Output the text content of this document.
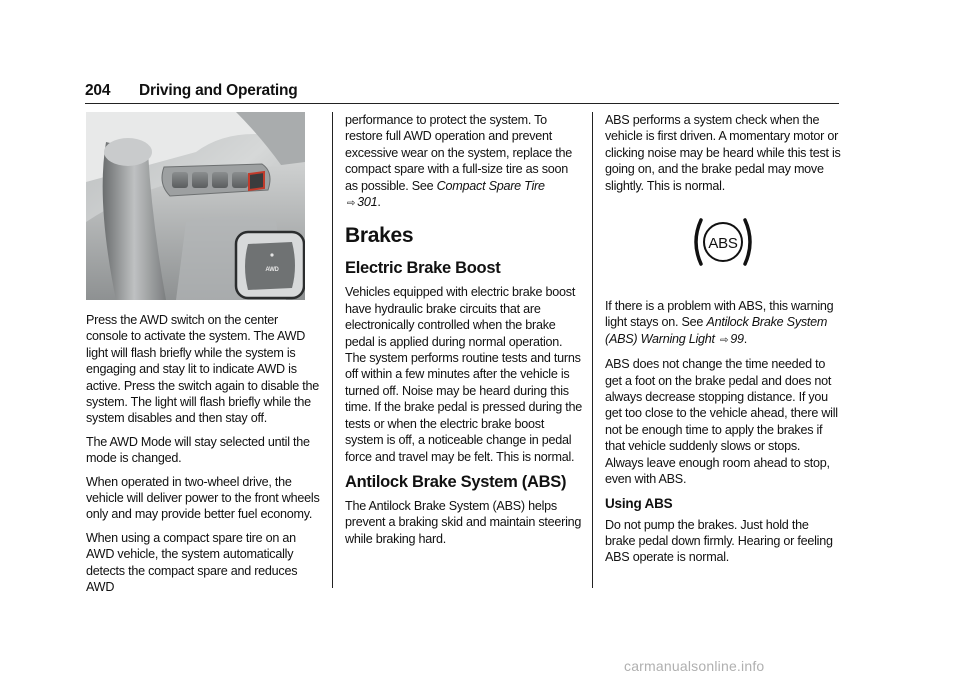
204 Driving and Operating
AWD

Press the AWD switch on the center console to activate the system. The AWD light will flash briefly while the system is engaging and stay lit to indicate AWD is active. Press the switch again to disable the system. The light will flash briefly while the system disables and then stay off.

The AWD Mode will stay selected until the mode is changed.

When operated in two-wheel drive, the vehicle will deliver power to the front wheels only and may provide better fuel economy.

When using a compact spare tire on an AWD vehicle, the system automatically detects the compact spare and reduces AWD

performance to protect the system. To restore full AWD operation and prevent excessive wear on the system, replace the compact spare with a full-size tire as soon as possible. See Compact Spare Tire ⇨ 301.

Brakes
Electric Brake Boost

Vehicles equipped with electric brake boost have hydraulic brake circuits that are electronically controlled when the brake pedal is applied during normal operation. The system performs routine tests and turns off within a few minutes after the vehicle is turned off. Noise may be heard during this time. If the brake pedal is pressed during the tests or when the electric brake boost system is off, a noticeable change in pedal force and travel may be felt. This is normal.

Antilock Brake System (ABS)

The Antilock Brake System (ABS) helps prevent a braking skid and maintain steering while braking hard.

ABS performs a system check when the vehicle is first driven. A momentary motor or clicking noise may be heard while this test is going on, and the brake pedal may move slightly. This is normal.

ABS

If there is a problem with ABS, this warning light stays on. See Antilock Brake System (ABS) Warning Light ⇨ 99.

ABS does not change the time needed to get a foot on the brake pedal and does not always decrease stopping distance. If you get too close to the vehicle ahead, there will not be enough time to apply the brakes if that vehicle suddenly slows or stops. Always leave enough room ahead to stop, even with ABS.

Using ABS

Do not pump the brakes. Just hold the brake pedal down firmly. Hearing or feeling ABS operate is normal.

carmanualsonline.info
